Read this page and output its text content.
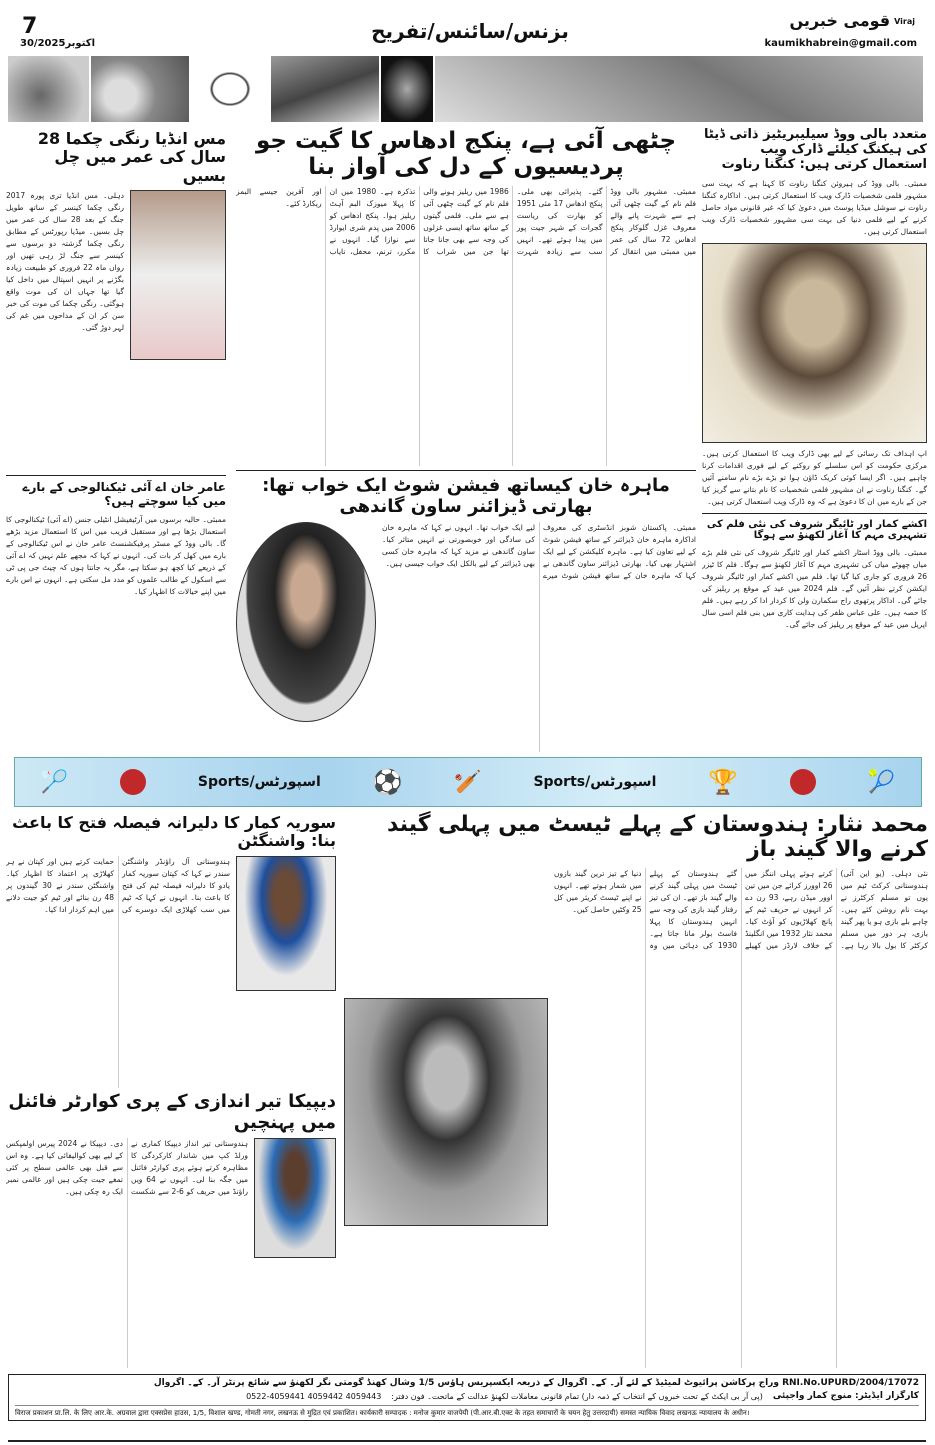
7
30/اکتوبر2025
بزنس/سائنس/تفریح	قومی خبریں Viraj
kaumikhabrein@gmail.com
متعدد بالی ووڈ سیلیبریٹیز ذاتی ڈیٹا کی ہیکنگ کیلئے ڈارک ویب استعمال کرتی ہیں: کنگنا رناوت
ممبئی۔ بالی ووڈ کی ہیروئن کنگنا رناوت کا کہنا ہے کہ بہت سی مشہور فلمی شخصیات ڈارک ویب کا استعمال کرتی ہیں۔ اداکارہ کنگنا رناوت نے سوشل میڈیا پوسٹ میں دعویٰ کیا کہ غیر قانونی مواد حاصل کرنے کے لیے فلمی دنیا کی بہت سی مشہور شخصیات ڈارک ویب استعمال کرتی ہیں۔
اپ اہداف تک رسائی کے لیے بھی ڈارک ویب کا استعمال کرتی ہیں۔ مرکزی حکومت کو اس سلسلے کو روکنے کے لیے فوری اقدامات کرنا چاہیے ہیں۔ اگر ایسا کوئی کریک ڈاؤن ہوا تو بڑے بڑے نام سامنے آئیں گے۔ کنگنا رناوت نے ان مشہور فلمی شخصیات کا نام بتانے سے گریز کیا جن کے بارے میں ان کا دعویٰ ہے کہ وہ ڈارک ویب استعمال کرتی ہیں۔
اکشے کمار اور ٹائیگر شروف کی نئی فلم کی تشہیری مہم کا آغاز لکھنؤ سے ہوگا
ممبئی۔ بالی ووڈ اسٹار اکشے کمار اور ٹائیگر شروف کی نئی فلم بڑے میاں چھوٹے میاں کی تشہیری مہم کا آغاز لکھنؤ سے ہوگا۔ فلم کا ٹیزر 26 فروری کو جاری کیا گیا تھا۔ فلم میں اکشے کمار اور ٹائیگر شروف ایکشن کرتے نظر آئیں گے۔ فلم 2024 میں عید کے موقع پر ریلیز کی جائے گی۔ اداکار پرتھوی راج سکمارن ولن کا کردار ادا کر رہے ہیں۔ فلم کا حصہ ہیں۔ علی عباس ظفر کی ہدایت کاری میں بنی فلم اسی سال اپریل میں عید کے موقع پر ریلیز کی جائے گی۔
چٹھی آئی ہے، پنکج ادھاس کا گیت جو پردیسیوں کے دل کی آواز بنا
ممبئی۔ مشہور بالی ووڈ فلم نام کے گیت چٹھی آئی ہے سے شہرت پانے والے معروف غزل گلوکار پنکج ادھاس 72 سال کی عمر میں ممبئی میں انتقال کر گئے۔ پذیرائی بھی ملی۔ پنکج ادھاس 17 مئی 1951 کو بھارت کی ریاست گجرات کے شہر جیت پور میں پیدا ہوئے تھے۔ انہیں سب سے زیادہ شہرت 1986 میں ریلیز ہونے والی فلم نام کے گیت چٹھی آئی ہے سے ملی۔ فلمی گیتوں کے ساتھ ساتھ ایسی غزلوں کی وجہ سے بھی جانا جاتا تھا جن میں شراب کا تذکرہ ہے۔ 1980 میں ان کا پہلا میوزک البم آہٹ ریلیز ہوا۔ پنکج ادھاس کو 2006 میں پدم شری ایوارڈ سے نوازا گیا۔ انہوں نے مکرر، ترنم، محفل، نایاب اور آفرین جیسے البمز ریکارڈ کئے۔
ماہرہ خان کیساتھ فیشن شوٹ ایک خواب تھا: بھارتی ڈیزائنر ساون گاندھی
ممبئی۔ پاکستان شوبز انڈسٹری کی معروف اداکارہ ماہرہ خان ڈیزائنر کے ساتھ فیشن شوٹ کے لیے تعاون کیا ہے۔ ماہرہ کلیکشن کے لیے ایک اشتہار بھی کیا۔ بھارتی ڈیزائنر ساون گاندھی نے کہا کہ ماہرہ خان کے ساتھ فیشن شوٹ میرے لیے ایک خواب تھا۔ انہوں نے کہا کہ ماہرہ خان کی سادگی اور خوبصورتی نے انہیں متاثر کیا۔ ساون گاندھی نے مزید کہا کہ ماہرہ خان کسی بھی ڈیزائنر کے لیے بالکل ایک خواب جیسی ہیں۔
مس انڈیا رنگی چکما 28 سال کی عمر میں چل بسیں
دہلی۔ مس انڈیا تری پورہ 2017 رنگی چکما کینسر کے ساتھ طویل جنگ کے بعد 28 سال کی عمر میں چل بسیں۔ میڈیا رپورٹس کے مطابق رنگی چکما گزشتہ دو برسوں سے کینسر سے جنگ لڑ رہی تھیں اور رواں ماہ 22 فروری کو طبیعت زیادہ بگڑنے پر انہیں اسپتال میں داخل کیا گیا تھا جہاں ان کی موت واقع ہوگئی۔ رنگی چکما کی موت کی خبر سن کر ان کے مداحوں میں غم کی لہر دوڑ گئی۔
عامر خان اے آئی ٹیکنالوجی کے بارے میں کیا سوچتے ہیں؟
ممبئی۔ حالیہ برسوں میں آرٹیفیشل انٹیلی جنس (اے آئی) ٹیکنالوجی کا استعمال بڑھا ہے اور مستقبل قریب میں اس کا استعمال مزید بڑھے گا۔ بالی ووڈ کے مسٹر پرفیکشنسٹ عامر خان نے اس ٹیکنالوجی کے بارے میں کھل کر بات کی۔ انہوں نے کہا کہ مجھے علم نہیں کہ اے آئی کے ذریعے کیا کچھ ہو سکتا ہے، مگر یہ جانتا ہوں کہ چیٹ جی پی ٹی سے اسکول کے طالب علموں کو مدد مل سکتی ہے۔ انہوں نے اس بارے میں اپنے خیالات کا اظہار کیا۔
🏸	اسپورٹس/Sports ⚽ 🏏	اسپورٹس/Sports 🏆	🎾
محمد نثار: ہندوستان کے پہلے ٹیسٹ میں پہلی گیند کرنے والا گیند باز
نئی دہلی۔ (یو این آئی) ہندوستانی کرکٹ ٹیم میں یوں تو مسلم کرکٹرز نے بہت نام روشن کئے ہیں۔ چاہے بلے بازی ہو یا پھر گیند بازی، ہر دور میں مسلم کرکٹر کا بول بالا رہا ہے۔ کرتے ہوئے پہلی اننگز میں 26 اوورز کرائے جن میں تین اوور میڈن رہے، 93 رن دے کر انہوں نے حریف ٹیم کے پانچ کھلاڑیوں کو آؤٹ کیا۔ محمد نثار 1932 میں انگلینڈ کے خلاف لارڈز میں کھیلے گئے ہندوستان کے پہلے ٹیسٹ میں پہلی گیند کرنے والے گیند باز تھے۔ ان کی تیز رفتار گیند بازی کی وجہ سے انہیں ہندوستان کا پہلا فاسٹ بولر مانا جاتا ہے۔ 1930 کی دہائی میں وہ دنیا کے تیز ترین گیند بازوں میں شمار ہوتے تھے۔ انہوں نے اپنے ٹیسٹ کریئر میں کل 25 وکٹیں حاصل کیں۔
سوریہ کمار کا دلیرانہ فیصلہ فتح کا باعث بنا: واشنگٹن
ہندوستانی آل راؤنڈر واشنگٹن سندر نے کہا کہ کپتان سوریہ کمار یادو کا دلیرانہ فیصلہ ٹیم کی فتح کا باعث بنا۔ انہوں نے کہا کہ ٹیم میں سب کھلاڑی ایک دوسرے کی حمایت کرتے ہیں اور کپتان نے ہر کھلاڑی پر اعتماد کا اظہار کیا۔ واشنگٹن سندر نے 30 گیندوں پر 48 رن بنائے اور ٹیم کو جیت دلانے میں اہم کردار ادا کیا۔
دیپیکا تیر اندازی کے پری کوارٹر فائنل میں پہنچیں
ہندوستانی تیر انداز دیپیکا کماری نے ورلڈ کپ میں شاندار کارکردگی کا مظاہرہ کرتے ہوئے پری کوارٹر فائنل میں جگہ بنا لی۔ انہوں نے 64 ویں راؤنڈ میں حریف کو 6-2 سے شکست دی۔ دیپیکا نے 2024 پیرس اولمپکس کے لیے بھی کوالیفائی کیا ہے۔ وہ اس سے قبل بھی عالمی سطح پر کئی تمغے جیت چکی ہیں اور عالمی نمبر ایک رہ چکی ہیں۔
RNI.No.UPURD/2004/17072 وراج پرکاشن پرائیوٹ لمیٹیڈ کے لئے آر۔ کے۔ اگروال کے ذریعہ ایکسپریس ہاؤس 1/5 وشال کھنڈ گومتی نگر لکھنؤ سے شائع پرنٹر آر۔ کے۔ اگروال
کارگزار ایڈیٹر: منوج کمار واجپئی
(پی آر بی ایکٹ کے تحت خبروں کے انتخاب کے ذمہ دار) تمام قانونی معاملات لکھنؤ عدالت کے ماتحت۔ فون دفتر:
0522-4059441 4059442 4059443
विराज प्रकाशन प्रा.लि. के लिए आर.के. अग्रवाल द्वारा एक्सप्रेस हाउस, 1/5, विशाल खण्ड, गोमती नगर, लखनऊ से मुद्रित एवं प्रकाशित। कार्यकारी सम्पादक : मनोज कुमार वाजपेयी (पी.आर.बी.एक्ट के तहत समाचारों के चयन हेतु उत्तरदायी) समस्त न्यायिक विवाद लखनऊ न्यायालय के अधीन।
